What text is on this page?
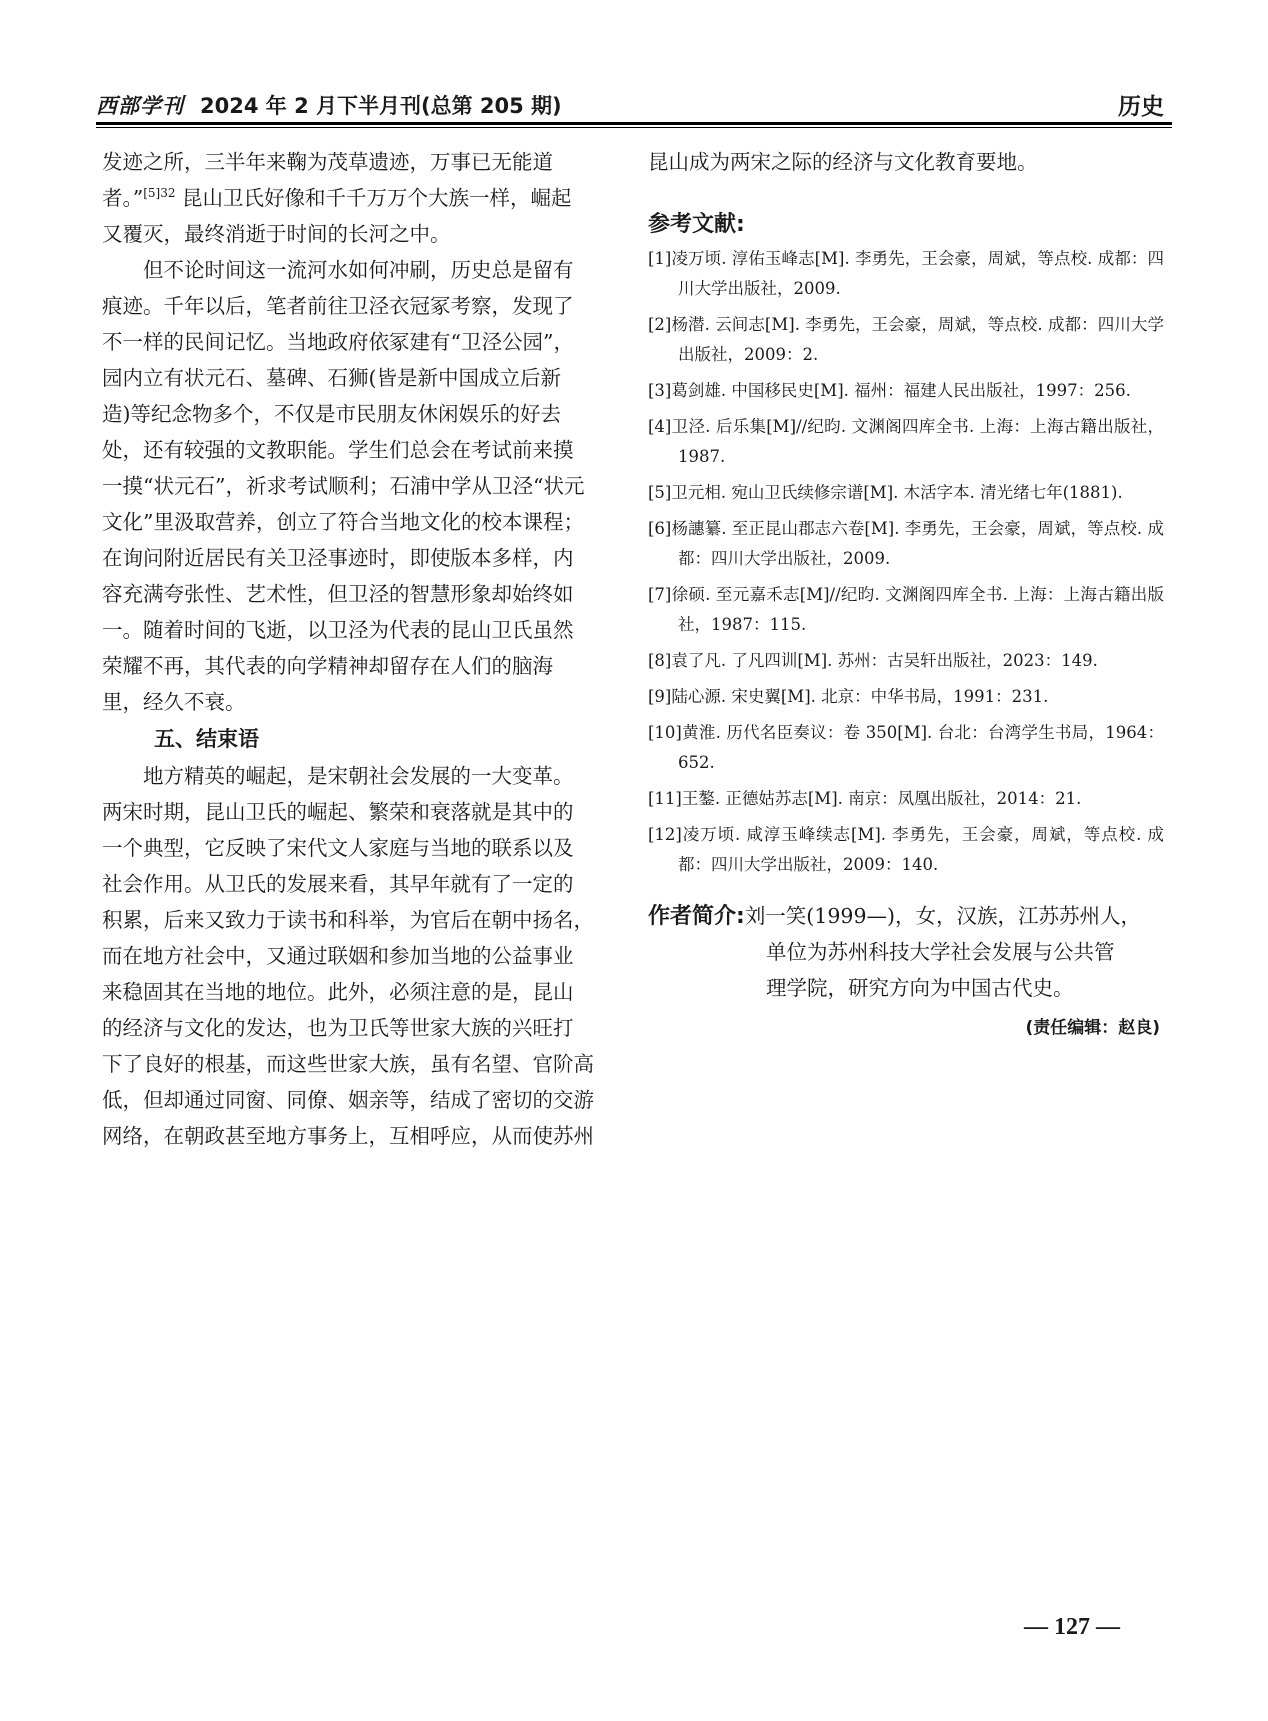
西部学刊 2024 年 2 月下半月刊(总第 205 期)	历史
发迹之所，三半年来鞠为茂草遗迹，万事已无能道
者。”$^{[5]32}$ 昆山卫氏好像和千千万万个大族一样，崛起
又覆灭，最终消逝于时间的长河之中。
但不论时间这一流河水如何冲刷，历史总是留有
痕迹。千年以后，笔者前往卫泾衣冠冢考察，发现了
不一样的民间记忆。当地政府依冢建有“卫泾公园”，
园内立有状元石、墓碑、石狮(皆是新中国成立后新
造)等纪念物多个，不仅是市民朋友休闲娱乐的好去
处，还有较强的文教职能。学生们总会在考试前来摸
一摸“状元石”，祈求考试顺利；石浦中学从卫泾“状元
文化”里汲取营养，创立了符合当地文化的校本课程；
在询问附近居民有关卫泾事迹时，即使版本多样，内
容充满夸张性、艺术性，但卫泾的智慧形象却始终如
一。随着时间的飞逝，以卫泾为代表的昆山卫氏虽然
荣耀不再，其代表的向学精神却留存在人们的脑海
里，经久不衰。
五、结束语
地方精英的崛起，是宋朝社会发展的一大变革。
两宋时期，昆山卫氏的崛起、繁荣和衰落就是其中的
一个典型，它反映了宋代文人家庭与当地的联系以及
社会作用。从卫氏的发展来看，其早年就有了一定的
积累，后来又致力于读书和科举，为官后在朝中扬名，
而在地方社会中，又通过联姻和参加当地的公益事业
来稳固其在当地的地位。此外，必须注意的是，昆山
的经济与文化的发达，也为卫氏等世家大族的兴旺打
下了良好的根基，而这些世家大族，虽有名望、官阶高
低，但却通过同窗、同僚、姻亲等，结成了密切的交游
网络，在朝政甚至地方事务上，互相呼应，从而使苏州
昆山成为两宋之际的经济与文化教育要地。
参考文献:
[1]凌万顷. 淳佑玉峰志[M]. 李勇先，王会豪，周斌，等点校. 成都：四川大学出版社，2009.
[2]杨潜. 云间志[M]. 李勇先，王会豪，周斌，等点校. 成都：四川大学出版社，2009：2.
[3]葛剑雄. 中国移民史[M]. 福州：福建人民出版社，1997：256.
[4]卫泾. 后乐集[M]//纪昀. 文渊阁四库全书. 上海：上海古籍出版社，1987.
[5]卫元相. 宛山卫氏续修宗谱[M]. 木活字本. 清光绪七年(1881).
[6]杨譓纂. 至正昆山郡志六卷[M]. 李勇先，王会豪，周斌，等点校. 成都：四川大学出版社，2009.
[7]徐硕. 至元嘉禾志[M]//纪昀. 文渊阁四库全书. 上海：上海古籍出版社，1987：115.
[8]袁了凡. 了凡四训[M]. 苏州：古吴轩出版社，2023：149.
[9]陆心源. 宋史翼[M]. 北京：中华书局，1991：231.
[10]黄淮. 历代名臣奏议：卷 350[M]. 台北：台湾学生书局，1964：652.
[11]王鏊. 正德姑苏志[M]. 南京：凤凰出版社，2014：21.
[12]凌万顷. 咸淳玉峰续志[M]. 李勇先，王会豪，周斌，等点校. 成都：四川大学出版社，2009：140.
作者简介:刘一笑(1999—)，女，汉族，江苏苏州人，
单位为苏州科技大学社会发展与公共管
理学院，研究方向为中国古代史。
(责任编辑：赵良)
— 127 —
